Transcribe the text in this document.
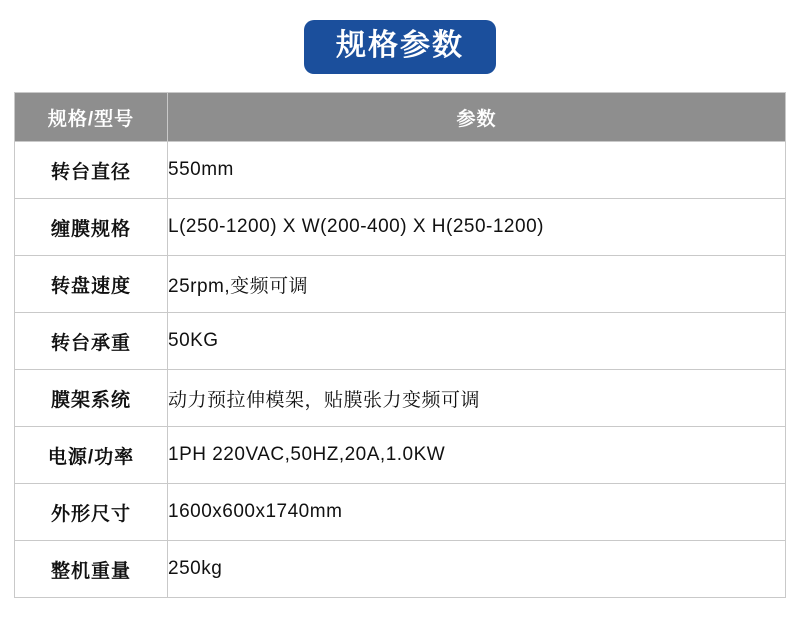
规格参数
规格/型号	参数
转台直径	550mm
缠膜规格	L(250-1200) X W(200-400) X H(250-1200)
转盘速度	25rpm,变频可调
转台承重	50KG
膜架系统	动力预拉伸模架，贴膜张力变频可调
电源/功率	1PH 220VAC,50HZ,20A,1.0KW
外形尺寸	1600x600x1740mm
整机重量	250kg
